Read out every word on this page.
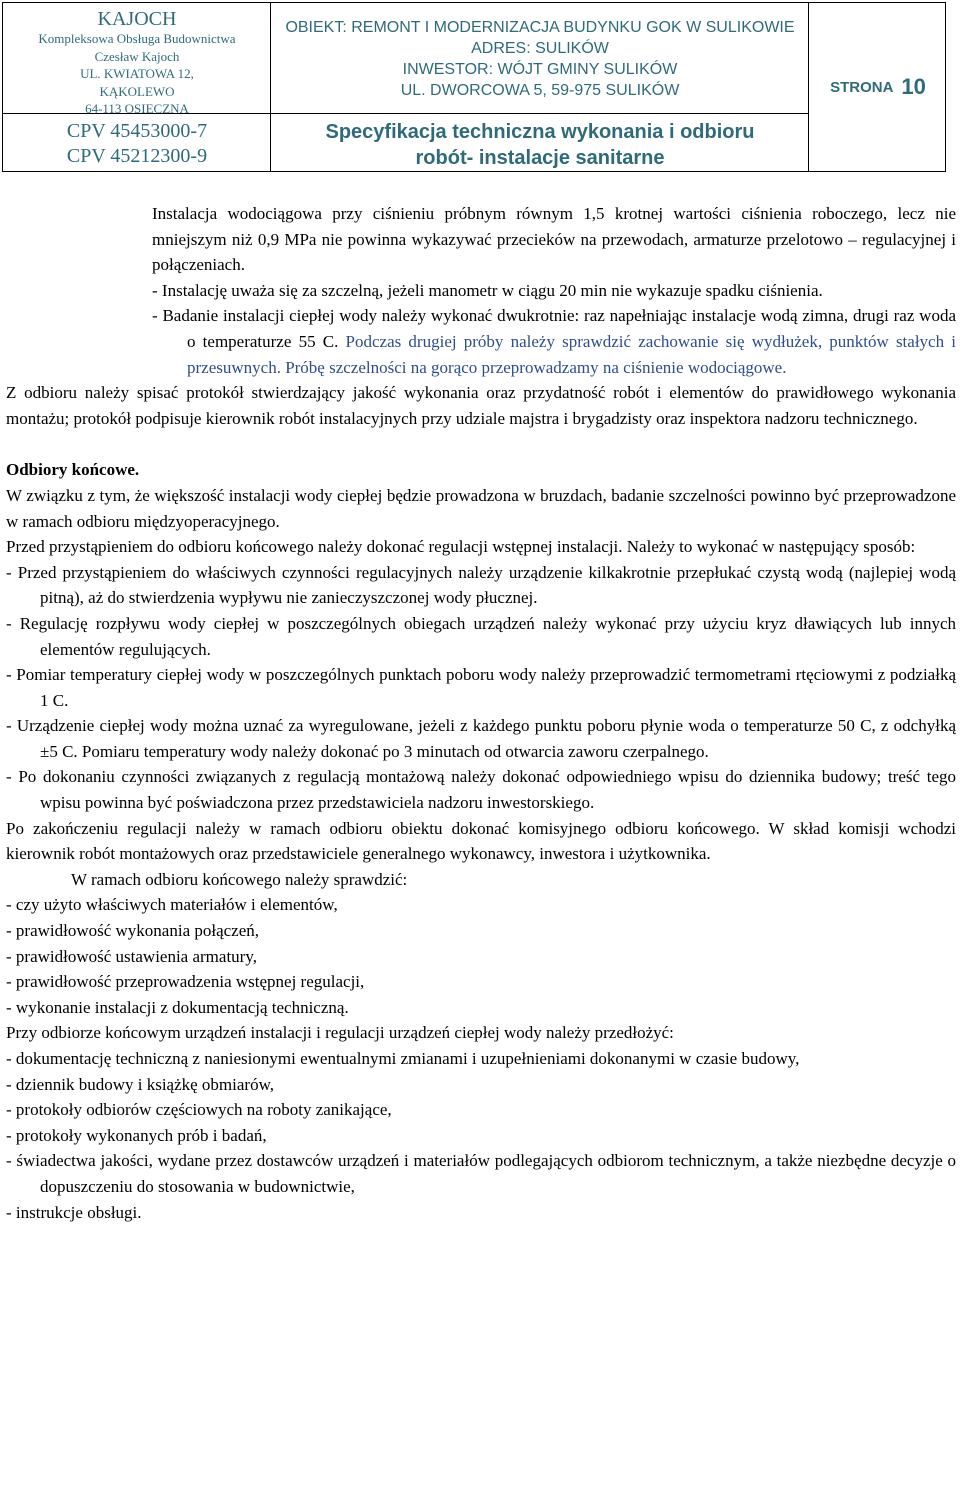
KAJOCH
Kompleksowa Obsługa Budownictwa
Czesław Kajoch
UL. KWIATOWA 12,
KĄKOLEWO
64-113 OSIECZNA
OBIEKT: REMONT I MODERNIZACJA BUDYNKU GOK W SULIKOWIE
ADRES: SULIKÓW
INWESTOR: WÓJT GMINY SULIKÓW
UL. DWORCOWA 5, 59-975 SULIKÓW	STRONA 10
CPV 45453000-7
CPV 45212300-9
Specyfikacja techniczna wykonania i odbioru
robót- instalacje sanitarne

Instalacja wodociągowa przy ciśnieniu próbnym równym 1,5 krotnej wartości ciśnienia roboczego, lecz nie mniejszym niż 0,9 MPa nie powinna wykazywać przecieków na przewodach, armaturze przelotowo – regulacyjnej i połączeniach.

- Instalację uważa się za szczelną, jeżeli manometr w ciągu 20 min nie wykazuje spadku ciśnienia.

- Badanie instalacji ciepłej wody należy wykonać dwukrotnie: raz napełniając instalacje wodą zimna, drugi raz woda o temperaturze 55 C. Podczas drugiej próby należy sprawdzić zachowanie się wydłużek, punktów stałych i przesuwnych. Próbę szczelności na gorąco przeprowadzamy na ciśnienie wodociągowe.

Z odbioru należy spisać protokół stwierdzający jakość wykonania oraz przydatność robót i elementów do prawidłowego wykonania montażu; protokół podpisuje kierownik robót instalacyjnych przy udziale majstra i brygadzisty oraz inspektora nadzoru technicznego.

Odbiory końcowe.

W związku z tym, że większość instalacji wody ciepłej będzie prowadzona w bruzdach, badanie szczelności powinno być przeprowadzone w ramach odbioru międzyoperacyjnego.

Przed przystąpieniem do odbioru końcowego należy dokonać regulacji wstępnej instalacji. Należy to wykonać w następujący sposób:

- Przed przystąpieniem do właściwych czynności regulacyjnych należy urządzenie kilkakrotnie przepłukać czystą wodą (najlepiej wodą pitną), aż do stwierdzenia wypływu nie zanieczyszczonej wody płucznej.

- Regulację rozpływu wody ciepłej w poszczególnych obiegach urządzeń należy wykonać przy użyciu kryz dławiących lub innych elementów regulujących.

- Pomiar temperatury ciepłej wody w poszczególnych punktach poboru wody należy przeprowadzić termometrami rtęciowymi z podziałką 1 C.

- Urządzenie ciepłej wody można uznać za wyregulowane, jeżeli z każdego punktu poboru płynie woda o temperaturze 50 C, z odchyłką ±5 C. Pomiaru temperatury wody należy dokonać po 3 minutach od otwarcia zaworu czerpalnego.

- Po dokonaniu czynności związanych z regulacją montażową należy dokonać odpowiedniego wpisu do dziennika budowy; treść tego wpisu powinna być poświadczona przez przedstawiciela nadzoru inwestorskiego.

Po zakończeniu regulacji należy w ramach odbioru obiektu dokonać komisyjnego odbioru końcowego. W skład komisji wchodzi kierownik robót montażowych oraz przedstawiciele generalnego wykonawcy, inwestora i użytkownika.

W ramach odbioru końcowego należy sprawdzić:

- czy użyto właściwych materiałów i elementów,

- prawidłowość wykonania połączeń,

- prawidłowość ustawienia armatury,

- prawidłowość przeprowadzenia wstępnej regulacji,

- wykonanie instalacji z dokumentacją techniczną.

Przy odbiorze końcowym urządzeń instalacji i regulacji urządzeń ciepłej wody należy przedłożyć:

- dokumentację techniczną z naniesionymi ewentualnymi zmianami i uzupełnieniami dokonanymi w czasie budowy,

- dziennik budowy i książkę obmiarów,

- protokoły odbiorów częściowych na roboty zanikające,

- protokoły wykonanych prób i badań,

- świadectwa jakości, wydane przez dostawców urządzeń i materiałów podlegających odbiorom technicznym, a także niezbędne decyzje o dopuszczeniu do stosowania w budownictwie,

- instrukcje obsługi.
